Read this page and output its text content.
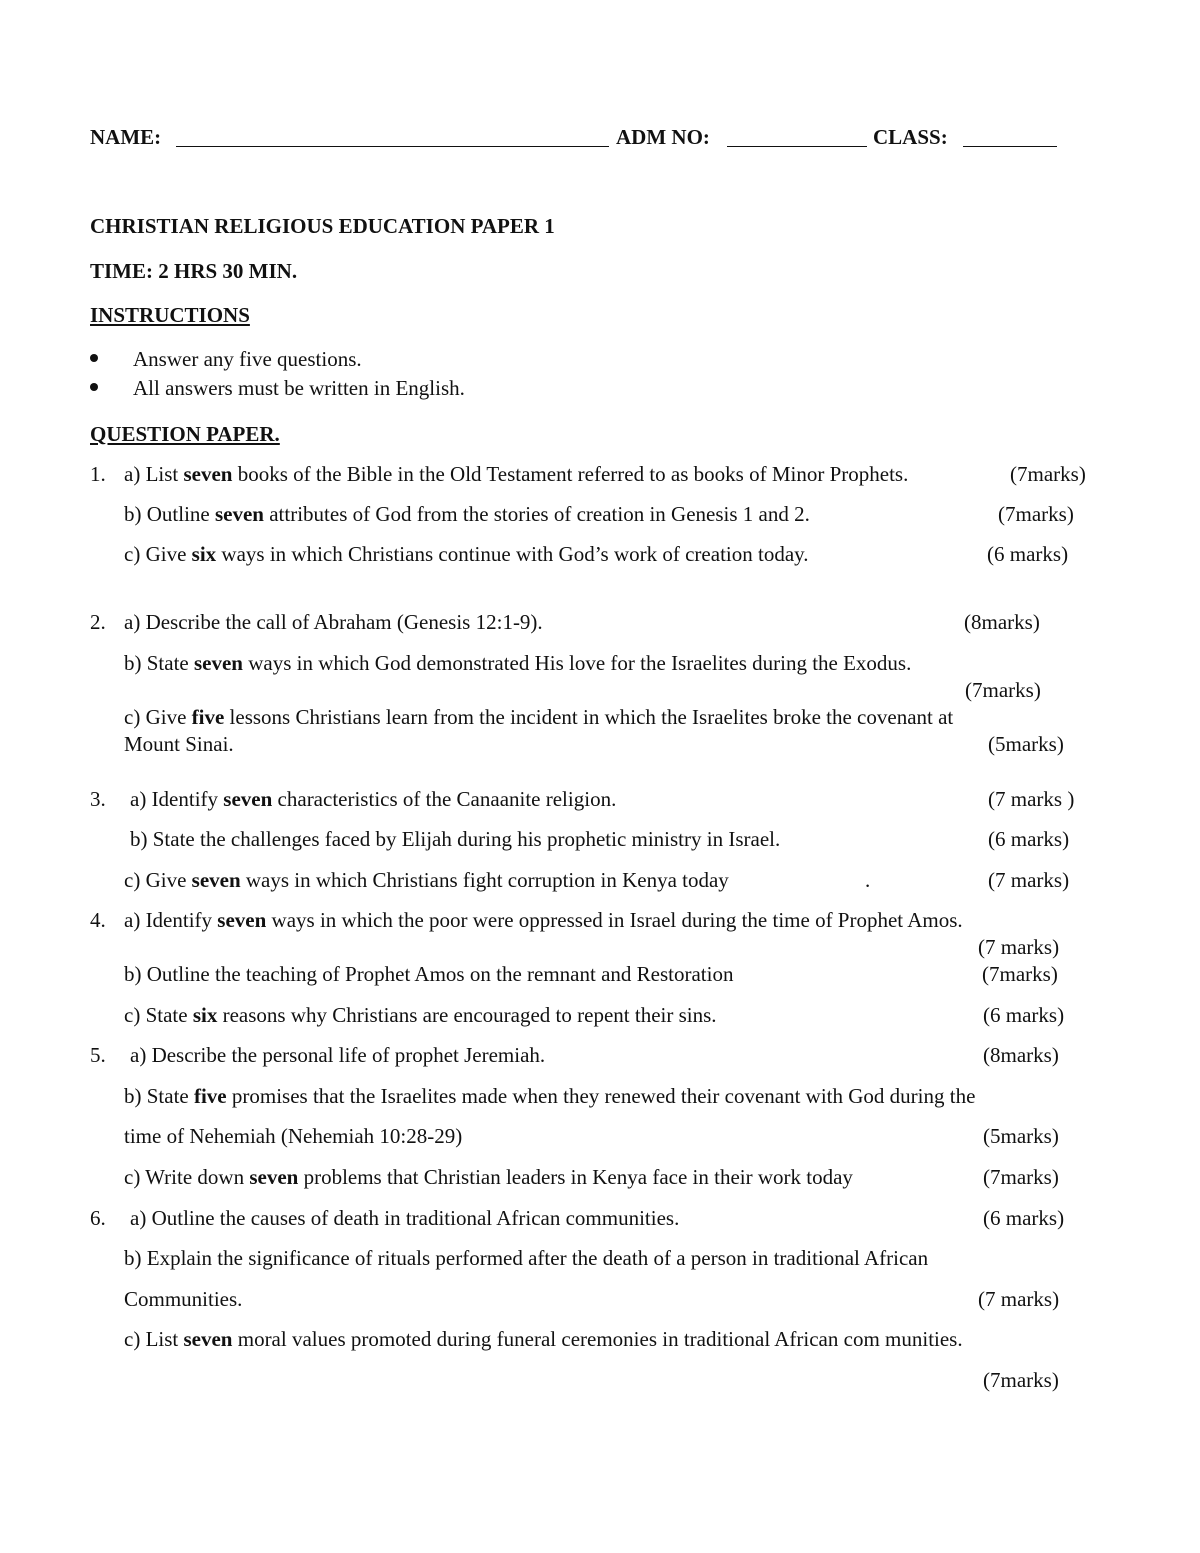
NAME:	ADM NO:	CLASS:
CHRISTIAN RELIGIOUS EDUCATION PAPER 1
TIME: 2 HRS 30 MIN.
INSTRUCTIONS
Answer any five questions.
All answers must be written in English.
QUESTION PAPER.
1. a) List seven books of the Bible in the Old Testament referred to as books of Minor Prophets.	(7marks)
b) Outline seven attributes of God from the stories of creation in Genesis 1 and 2.	(7marks)
c) Give six ways in which Christians continue with God’s work of creation today.	(6 marks)
2. a) Describe the call of Abraham (Genesis 12:1-9).	(8marks)
b) State seven ways in which God demonstrated His love for the Israelites during the Exodus.
(7marks)
c) Give five lessons Christians learn from the incident in which the Israelites broke the covenant at
Mount Sinai.	(5marks)
3. a) Identify seven characteristics of the Canaanite religion.	(7 marks )
b) State the challenges faced by Elijah during his prophetic ministry in Israel.	(6 marks)
c) Give seven ways in which Christians fight corruption in Kenya today	.	(7 marks)
4. a) Identify seven ways in which the poor were oppressed in Israel during the time of Prophet Amos.
(7 marks)
b) Outline the teaching of Prophet Amos on the remnant and Restoration	(7marks)
c) State six reasons why Christians are encouraged to repent their sins.	(6 marks)
5. a) Describe the personal life of prophet Jeremiah.	(8marks)
b) State five promises that the Israelites made when they renewed their covenant with God during the
time of Nehemiah (Nehemiah 10:28-29)	(5marks)
c) Write down seven problems that Christian leaders in Kenya face in their work today	(7marks)
6. a) Outline the causes of death in traditional African communities.	(6 marks)
b) Explain the significance of rituals performed after the death of a person in traditional African
Communities.	(7 marks)
c) List seven moral values promoted during funeral ceremonies in traditional African com munities.
(7marks)
